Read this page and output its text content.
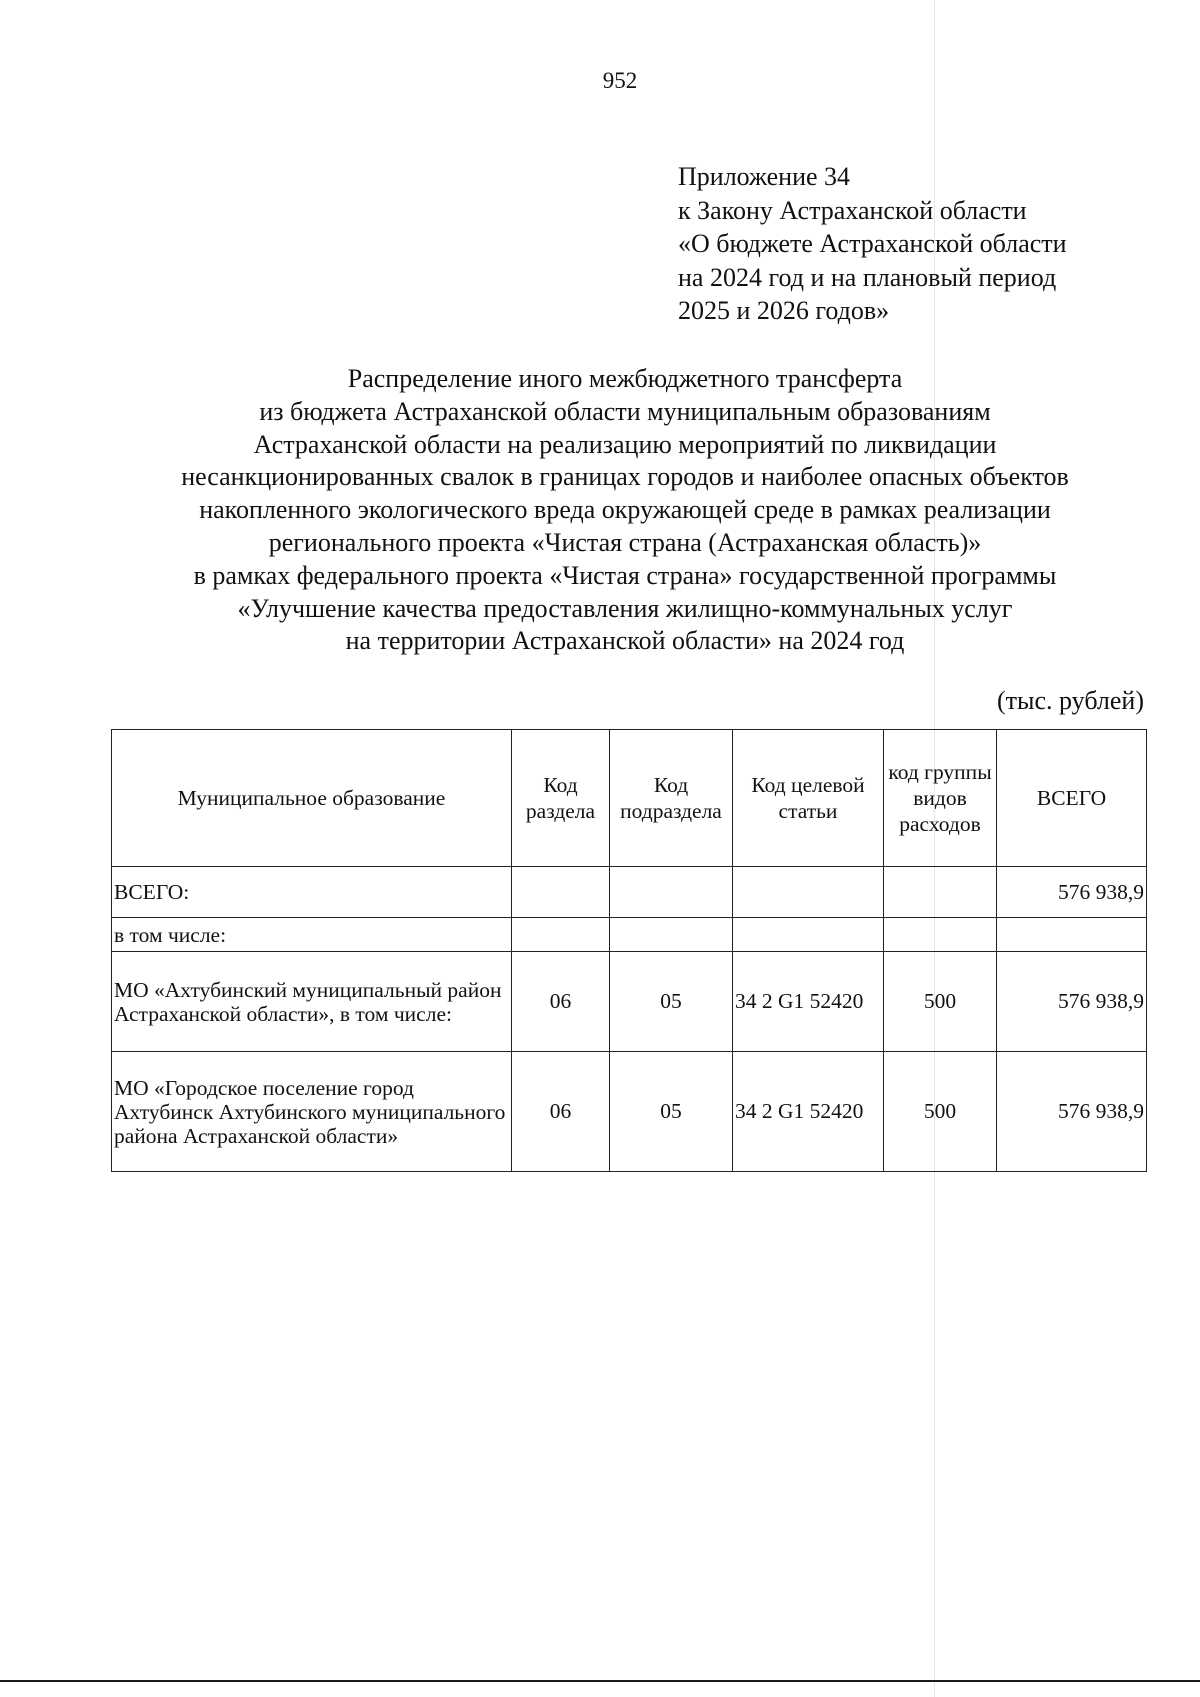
952
Приложение 34
к Закону Астраханской области
«О бюджете Астраханской области
на 2024 год и на плановый период
2025 и 2026 годов»
Распределение иного межбюджетного трансферта
из бюджета Астраханской области муниципальным образованиям
Астраханской области на реализацию мероприятий по ликвидации
несанкционированных свалок в границах городов и наиболее опасных объектов
накопленного экологического вреда окружающей среде в рамках реализации
регионального проекта «Чистая страна (Астраханская область)»
в рамках федерального проекта «Чистая страна» государственной программы
«Улучшение качества предоставления жилищно-коммунальных услуг
на территории Астраханской области» на 2024 год
(тыс. рублей)
Муниципальное образование	Код раздела	Код подраздела	Код целевой статьи	код группы видов расходов	ВСЕГО
ВСЕГО:					576 938,9
в том числе:					
МО «Ахтубинский муниципальный район Астраханской области», в том числе:	06	05	34 2 G1 52420	500	576 938,9
МО «Городское поселение город Ахтубинск Ахтубинского муниципального района Астраханской области»	06	05	34 2 G1 52420	500	576 938,9
